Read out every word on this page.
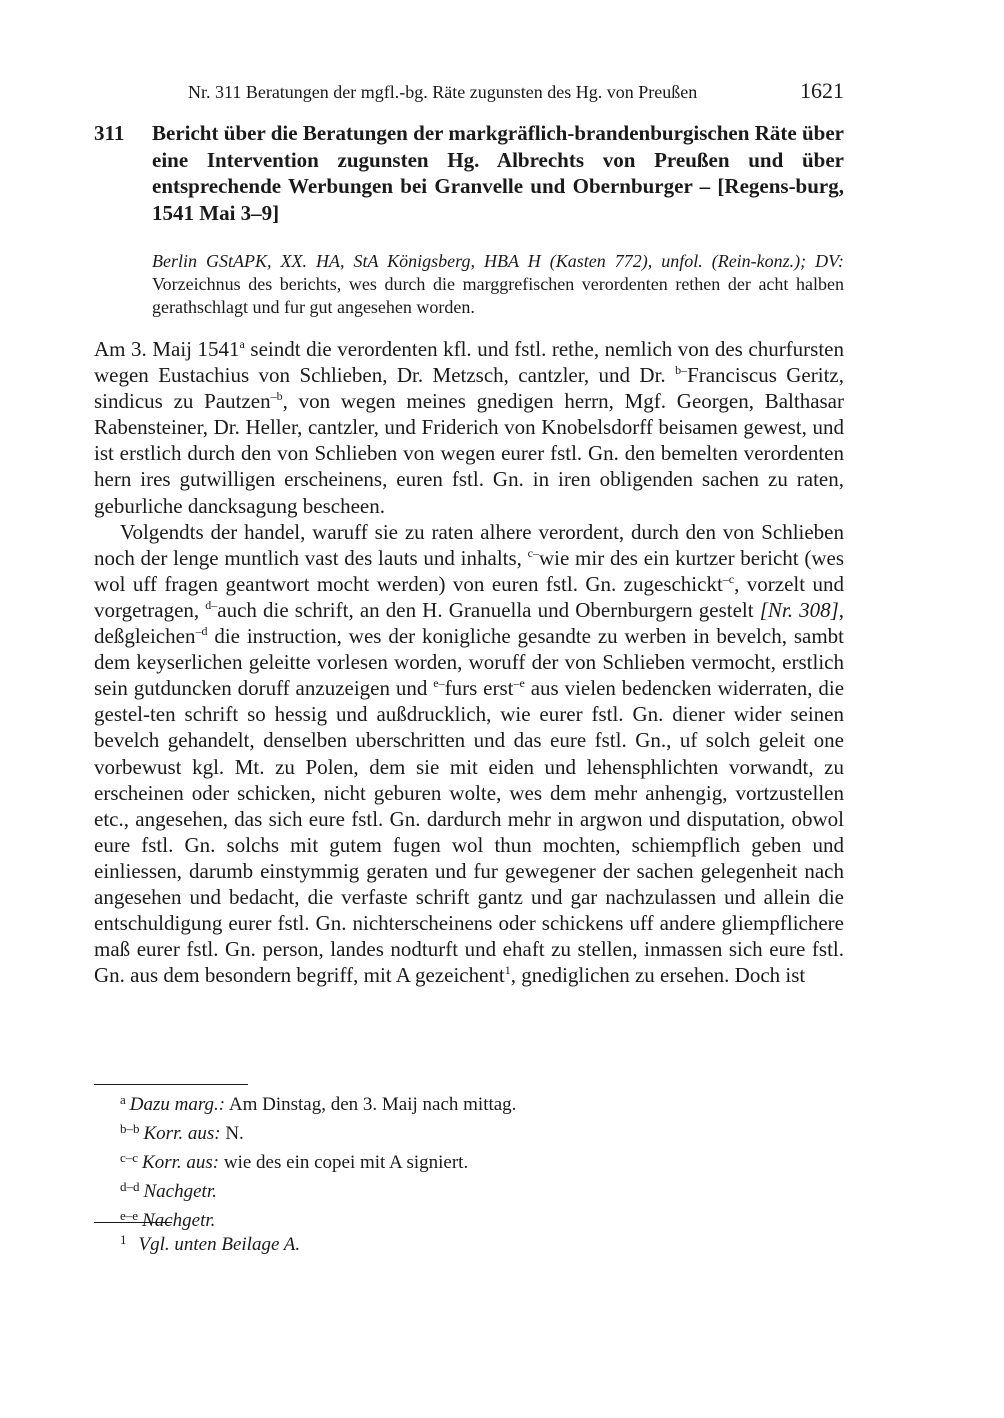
Nr. 311 Beratungen der mgfl.-bg. Räte zugunsten des Hg. von Preußen	1621
311 Bericht über die Beratungen der markgräflich-brandenburgischen Räte über eine Intervention zugunsten Hg. Albrechts von Preußen und über entsprechende Werbungen bei Granvelle und Obernburger – [Regens-burg, 1541 Mai 3–9]
Berlin GStAPK, XX. HA, StA Königsberg, HBA H (Kasten 772), unfol. (Rein-konz.); DV: Vorzeichnus des berichts, wes durch die marggrefischen verordenten rethen der acht halben gerathschlagt und fur gut angesehen worden.

Am 3. Maij 1541$^a$ seindt die verordenten kfl. und fstl. rethe, nemlich von des churfursten wegen Eustachius von Schlieben, Dr. Metzsch, cantzler, und Dr. $^{b-}$Franciscus Geritz, sindicus zu Pautzen$^{-b}$, von wegen meines gnedigen herrn, Mgf. Georgen, Balthasar Rabensteiner, Dr. Heller, cantzler, und Friderich von Knobelsdorff beisamen gewest, und ist erstlich durch den von Schlieben von wegen eurer fstl. Gn. den bemelten verordenten hern ires gutwilligen erscheinens, euren fstl. Gn. in iren obligenden sachen zu raten, geburliche dancksagung bescheen.

Volgendts der handel, waruff sie zu raten alhere verordent, durch den von Schlieben noch der lenge muntlich vast des lauts und inhalts, $^{c-}$wie mir des ein kurtzer bericht (wes wol uff fragen geantwort mocht werden) von euren fstl. Gn. zugeschickt$^{-c}$, vorzelt und vorgetragen, $^{d-}$auch die schrift, an den H. Granuella und Obernburgern gestelt [Nr. 308], deßgleichen$^{-d}$ die instruction, wes der konigliche gesandte zu werben in bevelch, sambt dem keyserlichen geleitte vorlesen worden, woruff der von Schlieben vermocht, erstlich sein gutduncken doruff anzuzeigen und $^{e-}$furs erst$^{-e}$ aus vielen bedencken widerraten, die gestel-ten schrift so hessig und außdrucklich, wie eurer fstl. Gn. diener wider seinen bevelch gehandelt, denselben uberschritten und das eure fstl. Gn., uf solch geleit one vorbewust kgl. Mt. zu Polen, dem sie mit eiden und lehensphlichten vorwandt, zu erscheinen oder schicken, nicht geburen wolte, wes dem mehr anhengig, vortzustellen etc., angesehen, das sich eure fstl. Gn. dardurch mehr in argwon und disputation, obwol eure fstl. Gn. solchs mit gutem fugen wol thun mochten, schiempflich geben und einliessen, darumb einstymmig geraten und fur gewegener der sachen gelegenheit nach angesehen und bedacht, die verfaste schrift gantz und gar nachzulassen und allein die entschuldigung eurer fstl. Gn. nichterscheinens oder schickens uff andere gliempflichere maß eurer fstl. Gn. person, landes nodturft und ehaft zu stellen, inmassen sich eure fstl. Gn. aus dem besondern begriff, mit A gezeichent$^1$, gnediglichen zu ersehen. Doch ist

$^a$ Dazu marg.: Am Dinstag, den 3. Maij nach mittag.
$^{b-b}$ Korr. aus: N.
$^{c-c}$ Korr. aus: wie des ein copei mit A signiert.
$^{d-d}$ Nachgetr.
$^{e-e}$ Nachgetr.
$^1$ Vgl. unten Beilage A.
